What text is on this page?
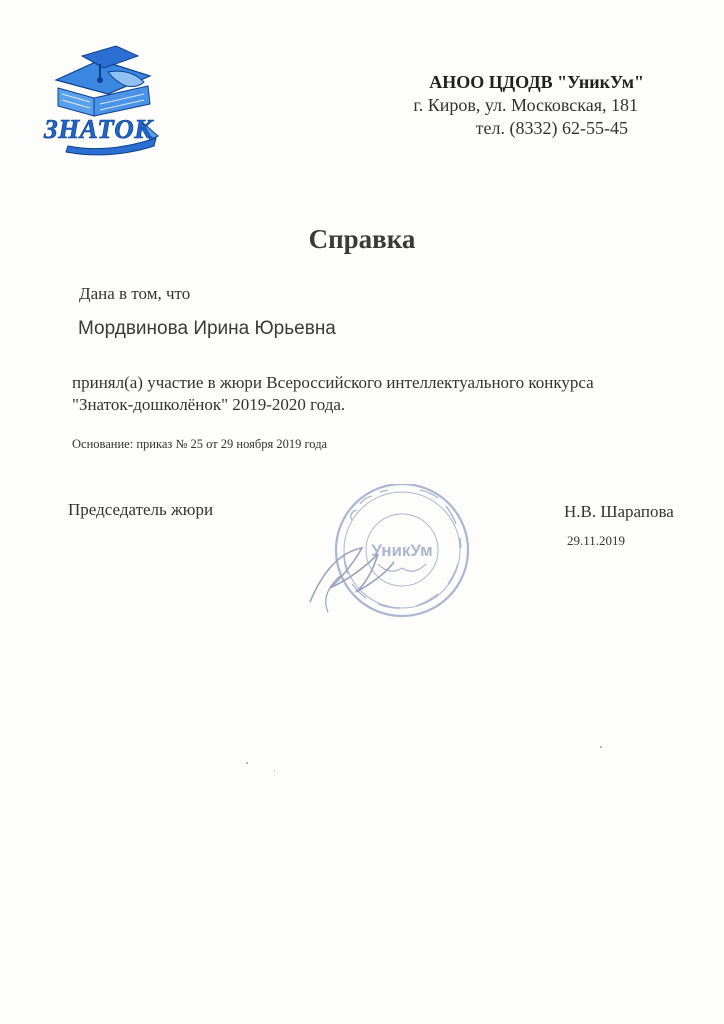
ЗНАТОК
АНОО ЦДОДВ "УникУм"
г. Киров, ул. Московская, 181
тел. (8332) 62-55-45
Справка
Дана в том, что
Мордвинова Ирина Юрьевна
принял(а) участие в жюри Всероссийского интеллектуального конкурса
"Знаток-дошколёнок" 2019-2020 года.
Основание: приказ № 25 от 29 ноября 2019 года
Председатель жюри	Н.В. Шарапова
29.11.2019
УникУм
